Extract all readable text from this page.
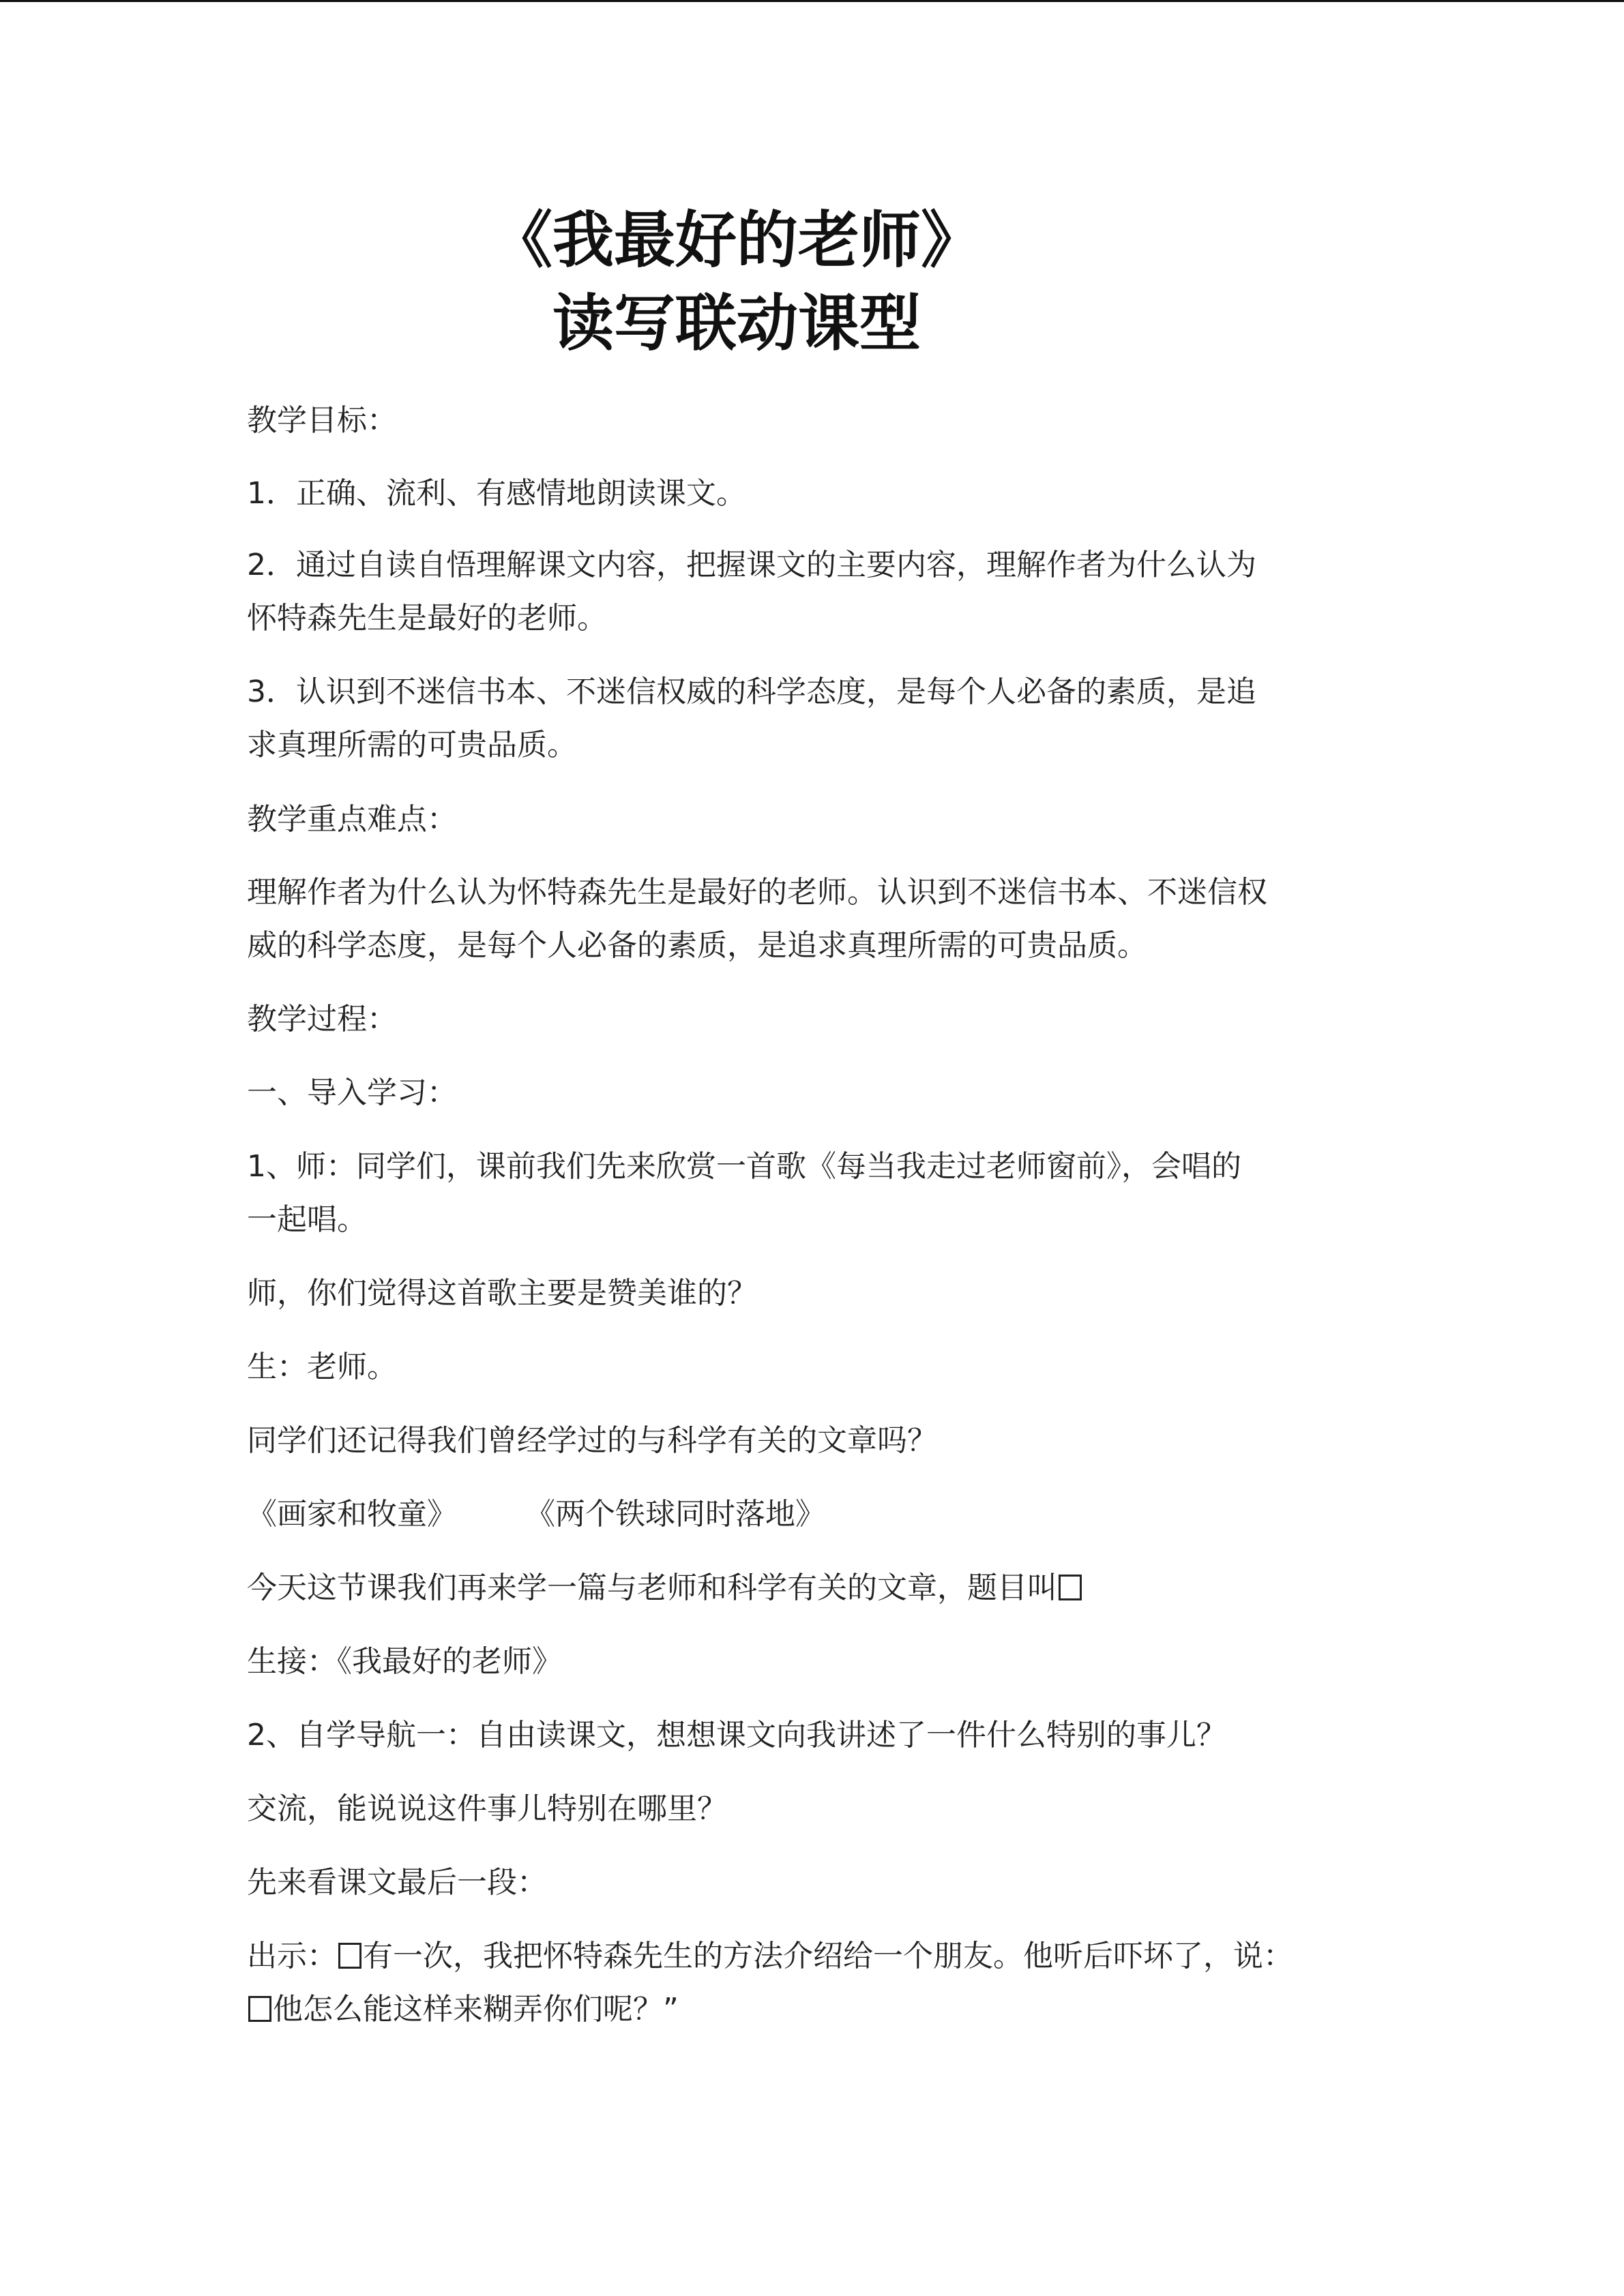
《我最好的老师》
读写联动课型
教学目标：
1．正确、流利、有感情地朗读课文。
2．通过自读自悟理解课文内容，把握课文的主要内容，理解作者为什么认为
怀特森先生是最好的老师。
3．认识到不迷信书本、不迷信权威的科学态度，是每个人必备的素质，是追
求真理所需的可贵品质。
教学重点难点：
理解作者为什么认为怀特森先生是最好的老师。认识到不迷信书本、不迷信权
威的科学态度，是每个人必备的素质，是追求真理所需的可贵品质。
教学过程：
一、导入学习：
1、师：同学们，课前我们先来欣赏一首歌《每当我走过老师窗前》，会唱的
一起唱。
师，你们觉得这首歌主要是赞美谁的？
生：老师。
同学们还记得我们曾经学过的与科学有关的文章吗？
《画家和牧童》 《两个铁球同时落地》
今天这节课我们再来学一篇与老师和科学有关的文章，题目叫
生接：《我最好的老师》
2、自学导航一：自由读课文，想想课文向我讲述了一件什么特别的事儿？
交流，能说说这件事儿特别在哪里？
先来看课文最后一段：
出示： 有一次，我把怀特森先生的方法介绍给一个朋友。他听后吓坏了，说：
他怎么能这样来糊弄你们呢？”
